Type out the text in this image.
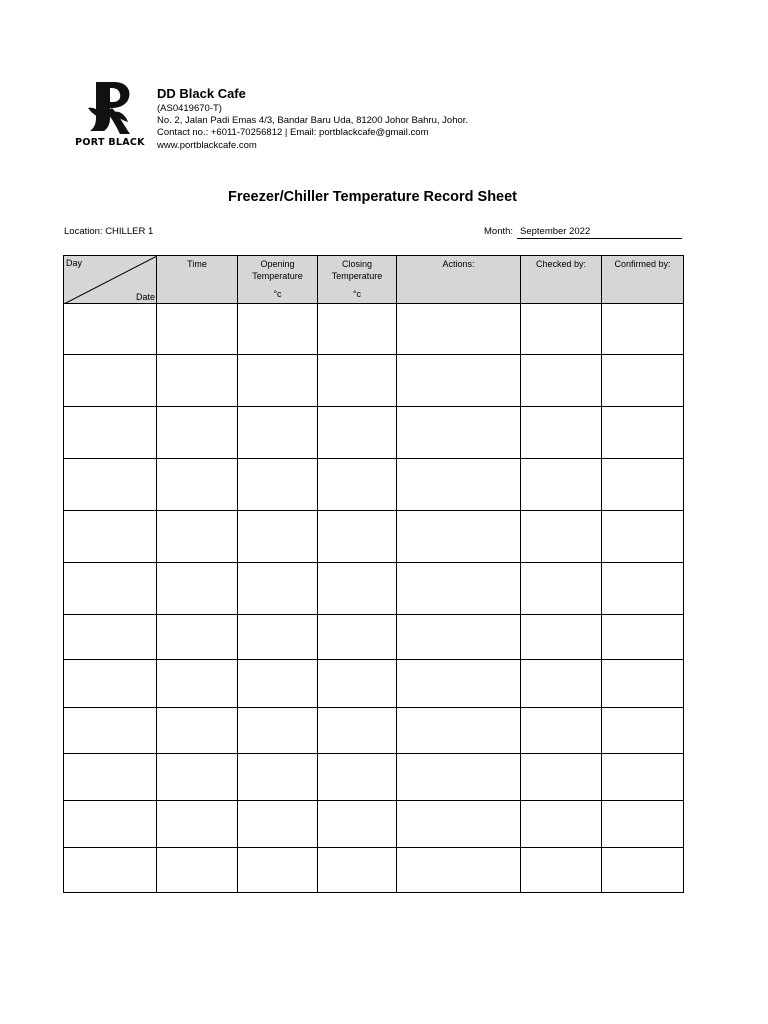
PORT BLACK
DD Black Cafe
(AS0419670-T)
No. 2, Jalan Padi Emas 4/3, Bandar Baru Uda, 81200 Johor Bahru, Johor.
Contact no.: +6011-70256812 | Email: portblackcafe@gmail.com
www.portblackcafe.com
Freezer/Chiller Temperature Record Sheet
Location: CHILLER 1	Month: September 2022
Day
Date	Time	Opening
Temperature
°c	Closing
Temperature
°c	Actions:	Checked by:	Confirmed by:
